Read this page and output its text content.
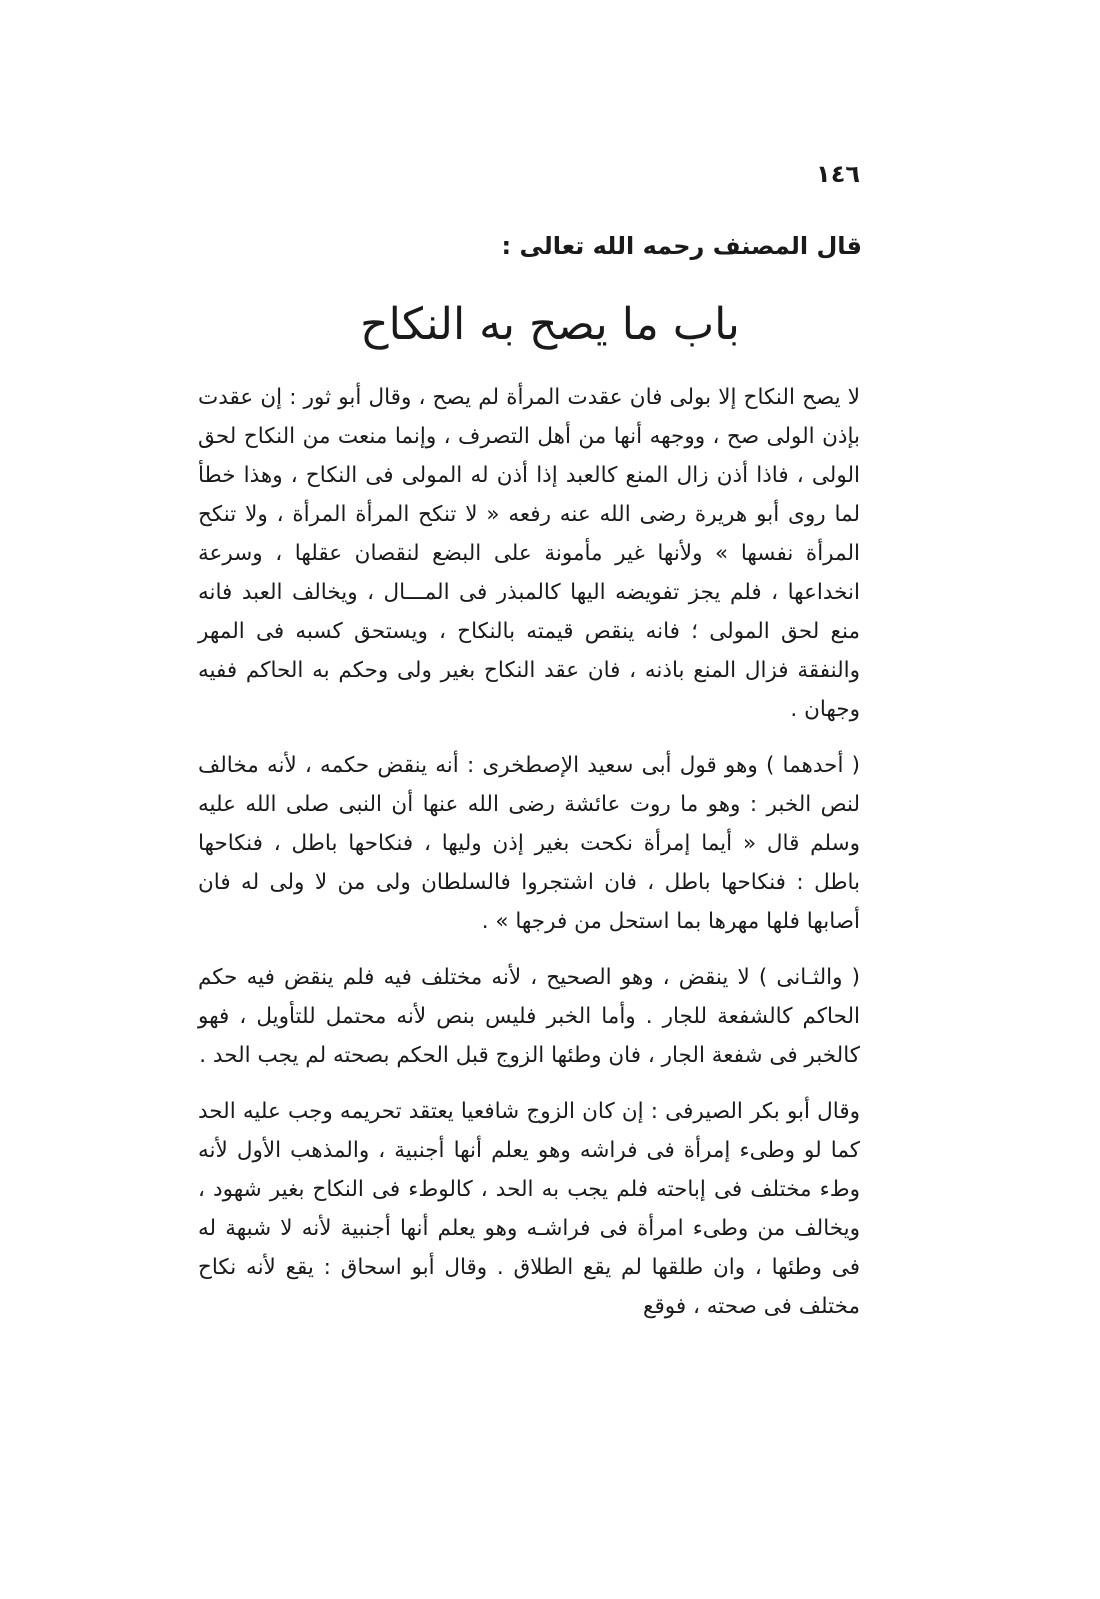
١٤٦
قال المصنف رحمه الله تعالى :
باب ما يصح به النكاح

لا يصح النكاح إلا بولى فان عقدت المرأة لم يصح ، وقال أبو ثور : إن عقدت بإذن الولى صح ، ووجهه أنها من أهل التصرف ، وإنما منعت من النكاح لحق الولى ، فاذا أذن زال المنع كالعبد إذا أذن له المولى فى النكاح ، وهذا خطأ لما روى أبو هريرة رضى الله عنه رفعه « لا تنكح المرأة المرأة ، ولا تنكح المرأة نفسها » ولأنها غير مأمونة على البضع لنقصان عقلها ، وسرعة انخداعها ، فلم يجز تفويضه اليها كالمبذر فى المـــال ، ويخالف العبد فانه منع لحق المولى ؛ فانه ينقص قيمته بالنكاح ، ويستحق كسبه فى المهر والنفقة فزال المنع باذنه ، فان عقد النكاح بغير ولى وحكم به الحاكم ففيه وجهان .

( أحدهما ) وهو قول أبى سعيد الإصطخرى : أنه ينقض حكمه ، لأنه مخالف لنص الخبر : وهو ما روت عائشة رضى الله عنها أن النبى صلى الله عليه وسلم قال « أيما إمرأة نكحت بغير إذن وليها ، فنكاحها باطل ، فنكاحها باطل : فنكاحها باطل ، فان اشتجروا فالسلطان ولى من لا ولى له فان أصابها فلها مهرها بما استحل من فرجها » .

( والثـانى ) لا ينقض ، وهو الصحيح ، لأنه مختلف فيه فلم ينقض فيه حكم الحاكم كالشفعة للجار . وأما الخبر فليس بنص لأنه محتمل للتأويل ، فهو كالخبر فى شفعة الجار ، فان وطئها الزوج قبل الحكم بصحته لم يجب الحد .

وقال أبو بكر الصيرفى : إن كان الزوج شافعيا يعتقد تحريمه وجب عليه الحد كما لو وطىء إمرأة فى فراشه وهو يعلم أنها أجنبية ، والمذهب الأول لأنه وطء مختلف فى إباحته فلم يجب به الحد ، كالوطء فى النكاح بغير شهود ، ويخالف من وطىء امرأة فى فراشـه وهو يعلم أنها أجنبية لأنه لا شبهة له فى وطئها ، وان طلقها لم يقع الطلاق . وقال أبو اسحاق : يقع لأنه نكاح مختلف فى صحته ، فوقع
